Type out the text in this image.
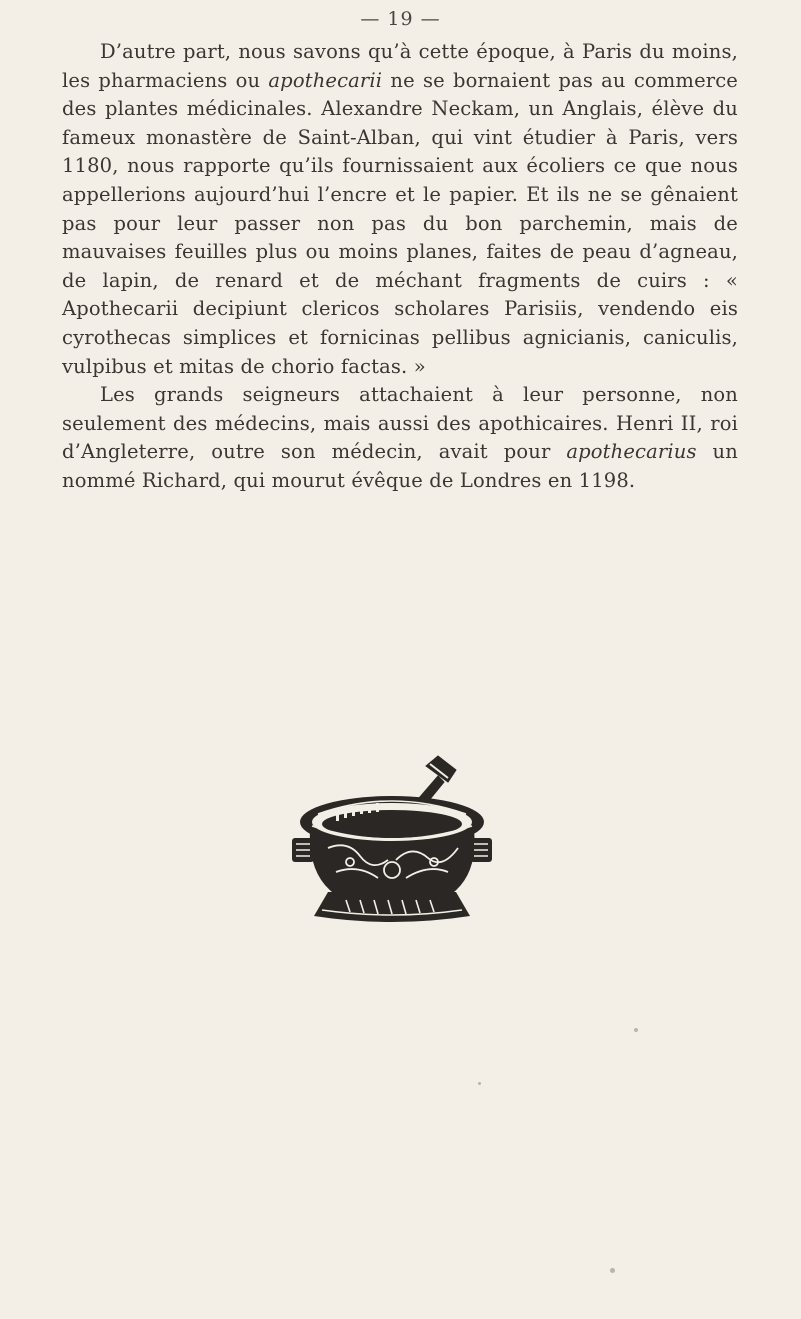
— 19 —

D’autre part, nous savons qu’à cette époque, à Paris du moins, les pharmaciens ou apothecarii ne se bornaient pas au commerce des plantes médicinales. Alexandre Neckam, un Anglais, élève du fameux monastère de Saint-Alban, qui vint étudier à Paris, vers 1180, nous rapporte qu’ils fournissaient aux écoliers ce que nous appellerions aujourd’hui l’encre et le papier. Et ils ne se gênaient pas pour leur passer non pas du bon parchemin, mais de mauvaises feuilles plus ou moins planes, faites de peau d’agneau, de lapin, de renard et de méchant fragments de cuirs : « Apothecarii decipiunt clericos scholares Parisiis, vendendo eis cyrothecas simplices et fornicinas pellibus agnicianis, caniculis, vulpibus et mitas de chorio factas. »

Les grands seigneurs attachaient à leur personne, non seulement des médecins, mais aussi des apothicaires. Henri II, roi d’Angleterre, outre son médecin, avait pour apothecarius un nommé Richard, qui mourut évêque de Londres en 1198.
